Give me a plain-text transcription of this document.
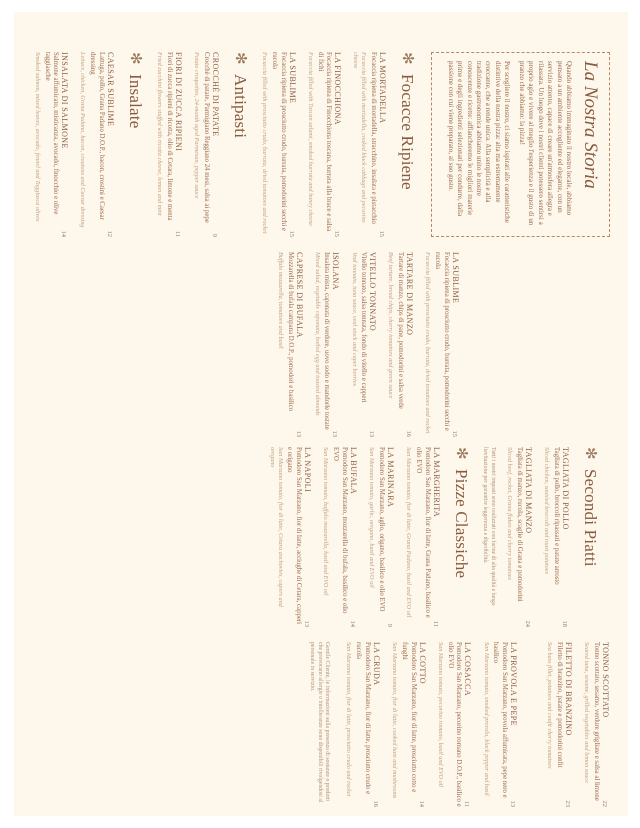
La Nostra Storia

Quando abbiamo immaginato il nostro locale, abbiamo pensato a un ambiente accogliente ed elegante, con un servizio attento, capace di creare un'atmosfera allegra e rilassata. Un luogo dove i nostri clienti potessero sentirsi a proprio agio e vivere al meglio l'esperienza e il gusto di un pranzo che abbiamo: la pizza!

Per scegliere il nostro, ci siamo ispirati alle caratteristiche distintive della nostra pizza: alta ma estremamente croccante, che a rende unica. Alla semplicità e alla tradizione gastronomica abbiamo unito le nostre conoscenze e ricette: affiancheremo le migliori materie prime e degli ingredienti selezionati per condurre, dalla passione con cui viene preparato, al suo gusto.

✻
Focacce Ripiene
LA MORTADELLA
15
Focaccia ripiena di mortadella, stracchino, insalata e pistacchio
Focaccia filled with mortadella, cooked black cabbage and pecorino cheese
LA FINOCCHIONA
15
Focaccia ripiena di Finocchiona toscana, burrata alla brace e salsa di fichi
Focaccia filled with Tuscan salami, smoked burrata and honey cheese
LA SUBLIME
15
Focaccia ripiena di prosciutto crudo, burrata, pomodorini secchi e rucola
Focaccia filled with prosciutto crudo, burrata, dried tomatoes and rocket
✻
Antipasti
CROCCHÈ DI PATATE
9
Crocchè di patate, Parmigiano Reggiano 24 mesi, salsa ai pepe
Potato croquettes, 24-month aged Parmesan, pepper sauce
FIORI DI ZUCCA RIPIENI
11
Fiori di zucca ripieni di ricotta, olio di Cetara, limone e menta
Fried zucchini flowers stuffed with ricotta cheese, lemon and mint
✻
Insalate
CAESAR SUBLIME
12
Lattuga, pollo, Grana Padano D.O.P., bacon, crostini e Caesar dressing
Lettuce, chicken, Grana Padano, bacon, croutons and Caesar dressing
INSALATA DI SALMONE
14
Salmone affumicato, misticanza, avocado, finocchio e olive taggiasche
Smoked salmon, mixed leaves, avocado, fennel and Taggiasca olives
LA SUBLIME
15
Focaccia ripiena di prosciutto crudo, burrata, pomodorini secchi e rucola
Focaccia filled with prosciutto crudo, burrata, dried tomatoes and rocket
TARTARE DI MANZO
16
Tartare di manzo, chips di pane, pomodorini e salsa verde
Beef tartare, bread chips, cherry tomatoes and green sauce
VITELLO TONNATO
13
Vitello tonnato, salsa tonnata, fondo di vitello e capperi
Veal tonnato, tuna sauce, veal stock and caper berries
ISOLANA
13
Insalata mista, caponata di verdure, uovo sodo e mandorle tostate
Mixed salad, vegetable caponata, boiled egg and toasted almonds
CAPRESE DI BUFALA
13
Mozzarella di bufala campana D.O.P., pomodori e basilico
Buffalo mozzarella, tomatoes and basil
✻
Secondi Piatti
TAGLIATA DI POLLO
18
Tagliata di pollo, broccoli ripassati e patate arrosto
Sliced chicken, sautéed broccoli and roast potatoes
TAGLIATA DI MANZO
24
Tagliata di manzo, rucola, scaglie di Grana e pomodorini
Sliced beef, rocket, Grana flakes and cherry tomatoes
Tutti i nostri impasti sono realizzati con farine di alta qualità e lunga lievitazione per garantire leggerezza e digeribilità.
✻
Pizze Classiche
LA MARGHERITA
11
Pomodoro San Marzano, fior di latte, Grana Padano, basilico e olio EVO
San Marzano tomato, fior di latte, Grana Padano, basil and EVO oil
LA MARINARA
9
Pomodoro San Marzano, aglio, origano, basilico e olio EVO
San Marzano tomato, garlic, oregano, basil and EVO oil
LA BUFALA
14
Pomodoro San Marzano, mozzarella di bufala, basilico e olio EVO
San Marzano tomato, buffalo mozzarella, basil and EVO oil
LA NAPOLI
13
Pomodoro San Marzano, fior di latte, acciughe di Cetara, capperi e origano
San Marzano tomato, fior di latte, Cetara anchovies, capers and oregano
TONNO SCOTTATO
22
Tonno scottato, sesamo, verdure grigliate e salsa al limone
Seared tuna, sesame, grilled vegetables and lemon sauce
FILETTO DI BRANZINO
23
Filetto di branzino, patate e pomodorini confit
Sea bass fillet, potatoes and confit cherry tomatoes
LA PROVOLA E PEPE
13
Pomodoro San Marzano, provola affumicata, pepe nero e basilico
San Marzano tomato, smoked provola, black pepper and basil
LA COSACCA
11
Pomodoro San Marzano, pecorino romano D.O.P., basilico e olio EVO
San Marzano tomato, pecorino romano, basil and EVO oil
LA COTTO
14
Pomodoro San Marzano, fior di latte, prosciutto cotto e funghi
San Marzano tomato, fior di latte, cooked ham and mushrooms
LA CRUDA
16
Pomodoro San Marzano, fior di latte, prosciutto crudo e rucola
San Marzano tomato, fior di latte, prosciutto crudo and rocket
Gentile Cliente, le informazioni sulla presenza di sostanze o prodotti che provocano allergie o intolleranze sono disponibili rivolgendosi al personale in servizio.
